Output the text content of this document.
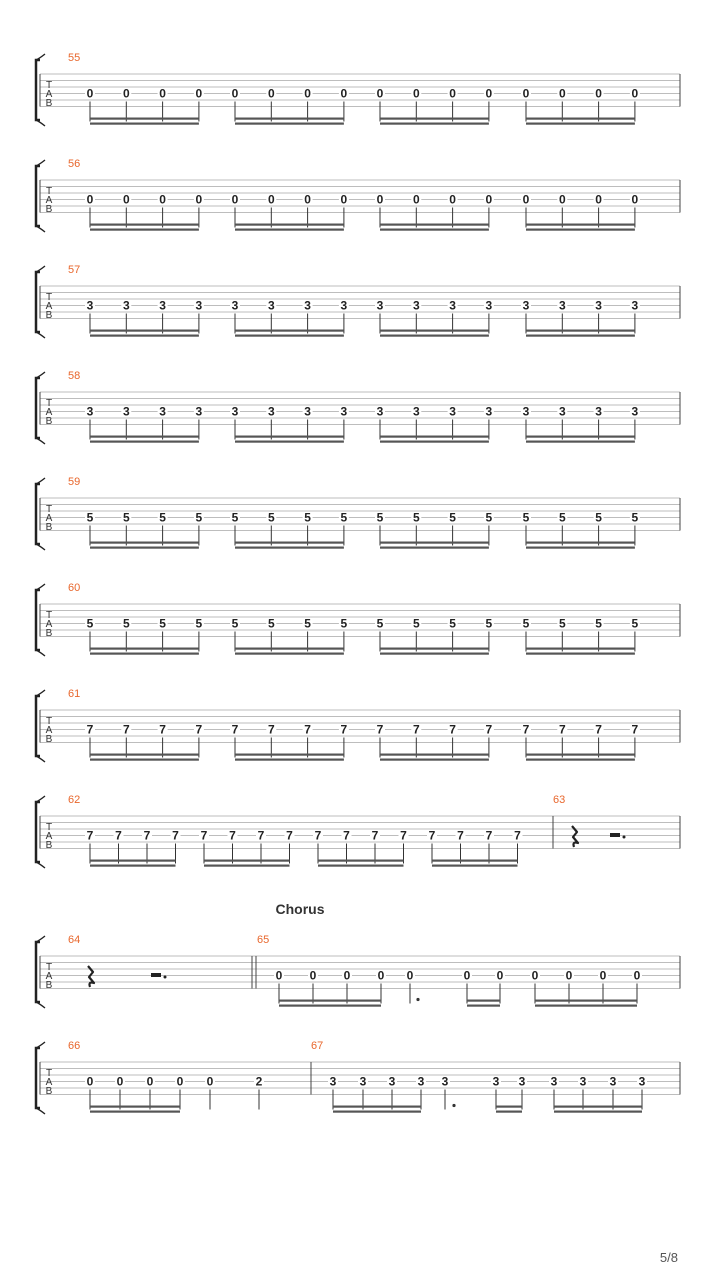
T
A
B
55
0 0 0 0 0 0 0 0 0 0 0 0	0 0 0 0
T
A
B
56
0 0 0 0 0 0 0 0 0 0 0 0	0 0 0 0
T
A
B
57
3 3 3 3 3 3 3 3 3 3 3 3	3 3 3 3
T
A
B
58
3 3 3 3 3 3 3 3 3 3 3 3	3 3 3 3
T
A
B
59
5 5 5 5 5 5 5 5 5 5 5 5	5 5 5 5
T
A
B
60
5 5 5 5 5 5 5 5 5 5 5 5	5 5 5 5
T
A
B
61
7 7 7 7 7 7 7 7 7 7 7 7	7 7 7 7
T
A
B
62
7 7 7 7 7 7 7 7 7 7 7 7 7 7 7 7
63
T
A
B
Chorus
64	65
0 0 0 0 0	0 0 0 0 0 0
T
A
B
66
0 0 0 0 0	2
67
3 3 3 3 3	3 3 3 3 3 3
5/8
